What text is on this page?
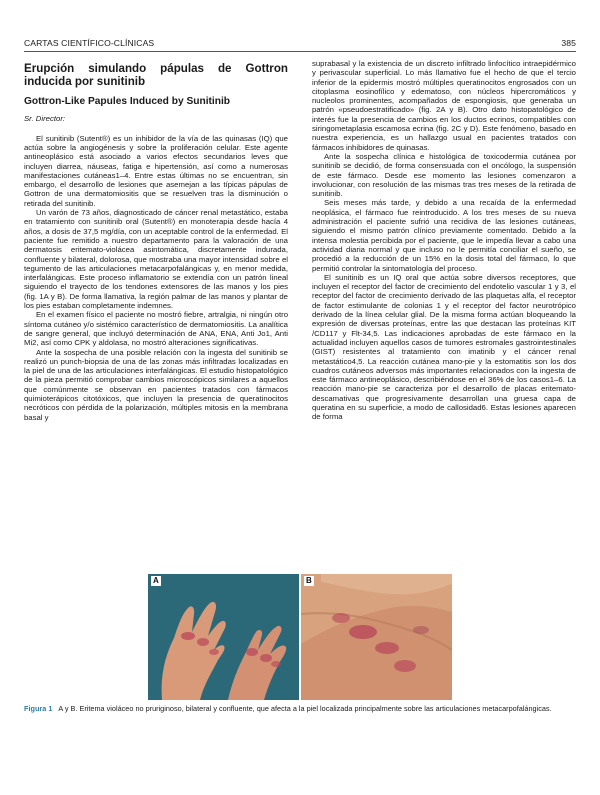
CARTAS CIENTÍFICO-CLÍNICAS	385
Erupción simulando pápulas de Gottron inducida por sunitinib
Gottron-Like Papules Induced by Sunitinib

Sr. Director:

El sunitinib (Sutent®) es un inhibidor de la vía de las quinasas (IQ) que actúa sobre la angiogénesis y sobre la proliferación celular. Este agente antineoplásico está asociado a varios efectos secundarios leves que incluyen diarrea, náuseas, fatiga e hipertensión, así como a numerosas manifestaciones cutáneas1–4. Entre estas últimas no se encuentran, sin embargo, el desarrollo de lesiones que asemejan a las típicas pápulas de Gottron de una dermatomiositis que se resuelven tras la disminución o retirada del sunitinib.

Un varón de 73 años, diagnosticado de cáncer renal metastático, estaba en tratamiento con sunitinib oral (Sutent®) en monoterapia desde hacía 4 años, a dosis de 37,5 mg/día, con un aceptable control de la enfermedad. El paciente fue remitido a nuestro departamento para la valoración de una dermatosis eritemato-violácea asintomática, discretamente indurada, confluente y bilateral, dolorosa, que mostraba una mayor intensidad sobre el tegumento de las articulaciones metacarpofalángicas y, en menor medida, interfalángicas. Este proceso inflamatorio se extendía con un patrón lineal siguiendo el trayecto de los tendones extensores de las manos y los pies (fig. 1A y B). De forma llamativa, la región palmar de las manos y plantar de los pies estaban completamente indemnes.

En el examen físico el paciente no mostró fiebre, artralgia, ni ningún otro síntoma cutáneo y/o sistémico característico de dermatomiositis. La analítica de sangre general, que incluyó determinación de ANA, ENA, Anti Jo1, Anti Mi2, así como CPK y aldolasa, no mostró alteraciones significativas.

Ante la sospecha de una posible relación con la ingesta del sunitinib se realizó un punch-biopsia de una de las zonas más infiltradas localizadas en la piel de una de las articulaciones interfalángicas. El estudio histopatológico de la pieza permitió comprobar cambios microscópicos similares a aquellos que comúnmente se observan en pacientes tratados con fármacos quimioterápicos citotóxicos, que incluyen la presencia de queratinocitos necróticos con pérdida de la polarización, múltiples mitosis en la membrana basal y

suprabasal y la existencia de un discreto infiltrado linfocítico intraepidérmico y perivascular superficial. Lo más llamativo fue el hecho de que el tercio inferior de la epidermis mostró múltiples queratinocitos engrosados con un citoplasma eosinofílico y edematoso, con núcleos hipercromáticos y nucleolos prominentes, acompañados de espongiosis, que generaba un patrón «pseudoestratificado» (fig. 2A y B). Otro dato histopatológico de interés fue la presencia de cambios en los ductos ecrinos, compatibles con siringometaplasia escamosa ecrina (fig. 2C y D). Este fenómeno, basado en nuestra experiencia, es un hallazgo usual en pacientes tratados con fármacos inhibidores de quinasas.

Ante la sospecha clínica e histológica de toxicodermia cutánea por sunitinib se decidió, de forma consensuada con el oncólogo, la suspensión de este fármaco. Desde ese momento las lesiones comenzaron a involucionar, con resolución de las mismas tras tres meses de la retirada de sunitinib.

Seis meses más tarde, y debido a una recaída de la enfermedad neoplásica, el fármaco fue reintroducido. A los tres meses de su nueva administración el paciente sufrió una recidiva de las lesiones cutáneas, siguiendo el mismo patrón clínico previamente comentado. Debido a la intensa molestia percibida por el paciente, que le impedía llevar a cabo una actividad diaria normal y que incluso no le permitía conciliar el sueño, se procedió a la reducción de un 15% en la dosis total del fármaco, lo que permitió controlar la sintomatología del proceso.

El sunitinib es un IQ oral que actúa sobre diversos receptores, que incluyen el receptor del factor de crecimiento del endotelio vascular 1 y 3, el receptor del factor de crecimiento derivado de las plaquetas alfa, el receptor de factor estimulante de colonias 1 y el receptor del factor neurotrópico derivado de la línea celular glial. De la misma forma actúan bloqueando la expresión de diversas proteínas, entre las que destacan las proteínas KIT /CD117 y Flt-34,5. Las indicaciones aprobadas de este fármaco en la actualidad incluyen aquellos casos de tumores estromales gastrointestinales (GIST) resistentes al tratamiento con imatinib y el cáncer renal metastático4,5. La reacción cutánea mano-pie y la estomatitis son los dos cuadros cutáneos adversos más importantes relacionados con la ingesta de este fármaco antineoplásico, describiéndose en el 36% de los casos1–6. La reacción mano-pie se caracteriza por el desarrollo de placas eritemato-descamativas que progresivamente desarrollan una gruesa capa de queratina en su superficie, a modo de callosidad6. Estas lesiones aparecen de forma

A	B

Figura 1 A y B. Eritema violáceo no pruriginoso, bilateral y confluente, que afecta a la piel localizada principalmente sobre las articulaciones metacarpofalángicas.
